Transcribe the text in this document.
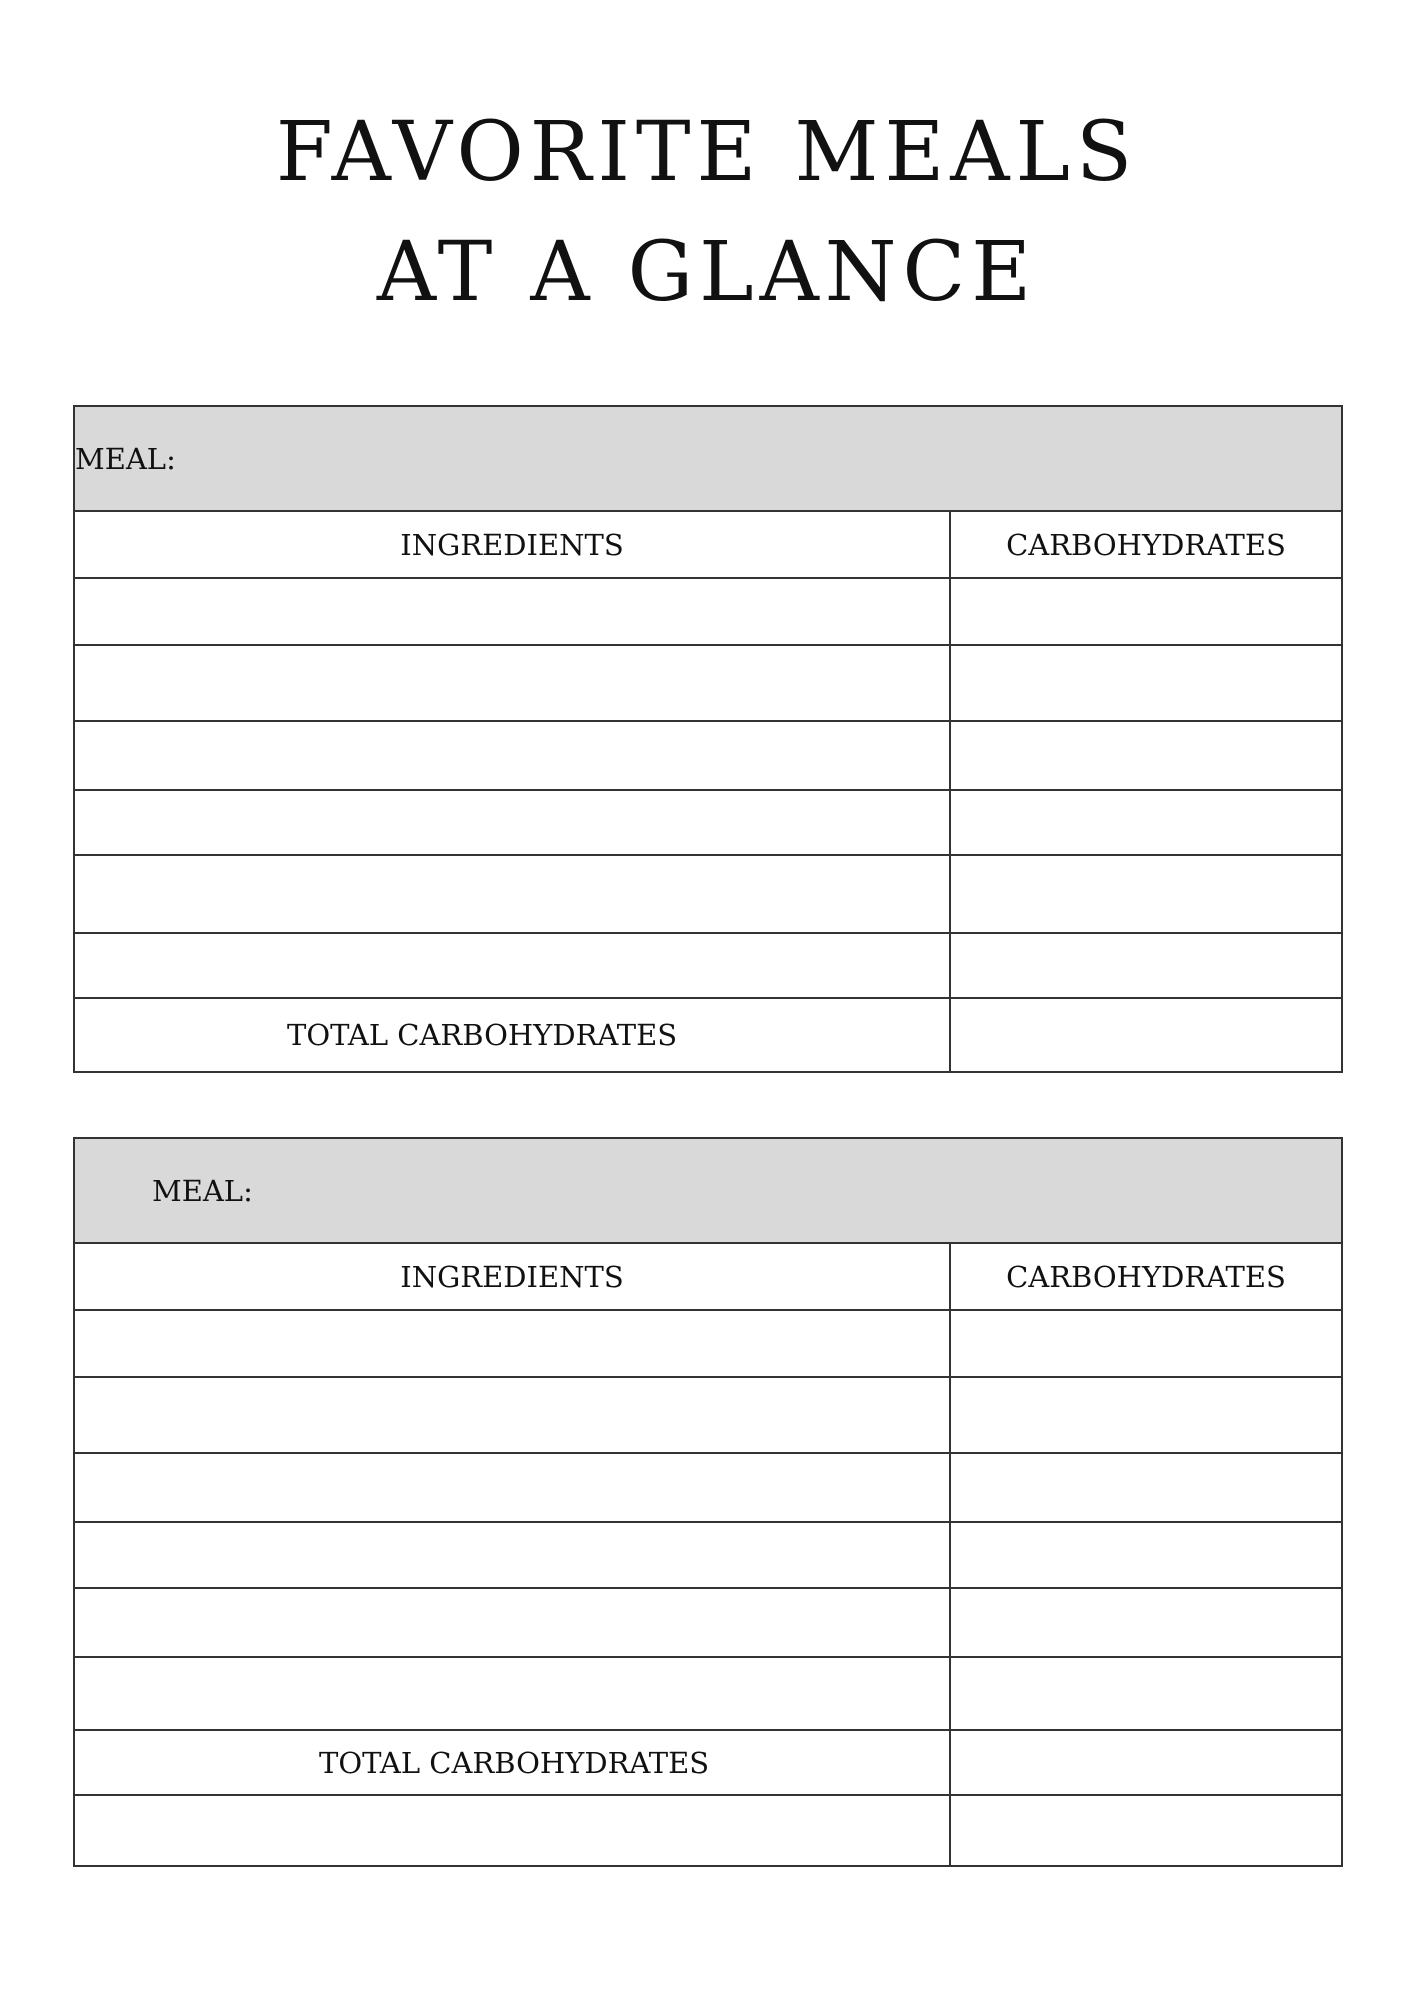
FAVORITE MEALS
AT A GLANCE
MEAL:	
INGREDIENTS	CARBOHYDRATES

TOTAL CARBOHYDRATES	
MEAL:	
INGREDIENTS	CARBOHYDRATES

TOTAL CARBOHYDRATES	
